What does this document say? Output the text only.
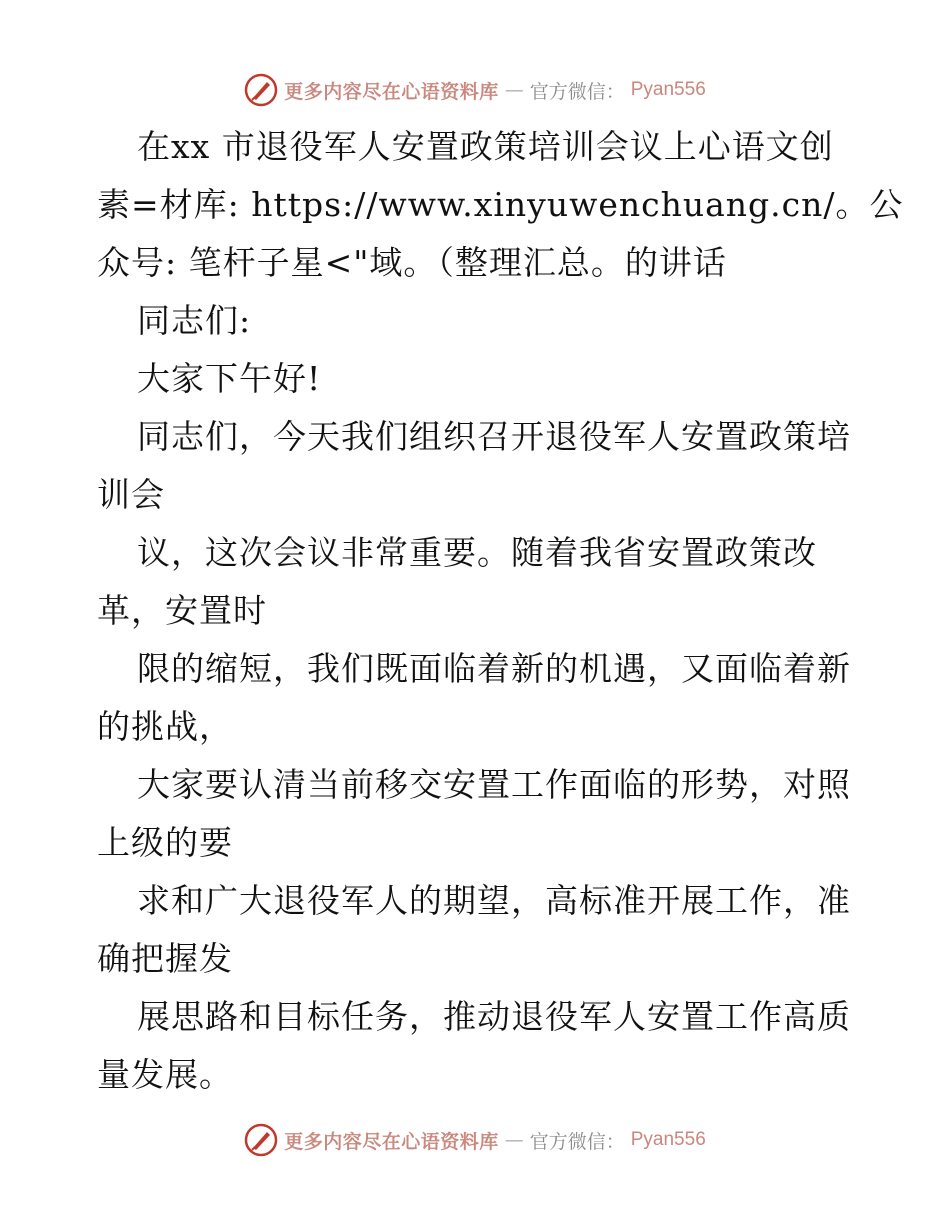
更多内容尽在心语资料库 — 官方微信： Pyan556
在xx 市退役军人安置政策培训会议上心语文创
素=材库: https://www.xinyuwenchuang.cn/。公
众号: 笔杆子星<"域。（整理汇总。的讲话
同志们:
大家下午好!
同志们，今天我们组织召开退役军人安置政策培
训会
议，这次会议非常重要。随着我省安置政策改
革，安置时
限的缩短，我们既面临着新的机遇，又面临着新
的挑战，
大家要认清当前移交安置工作面临的形势，对照
上级的要
求和广大退役军人的期望，高标准开展工作，准
确把握发
展思路和目标任务，推动退役军人安置工作高质
量发展。
更多内容尽在心语资料库 — 官方微信： Pyan556
